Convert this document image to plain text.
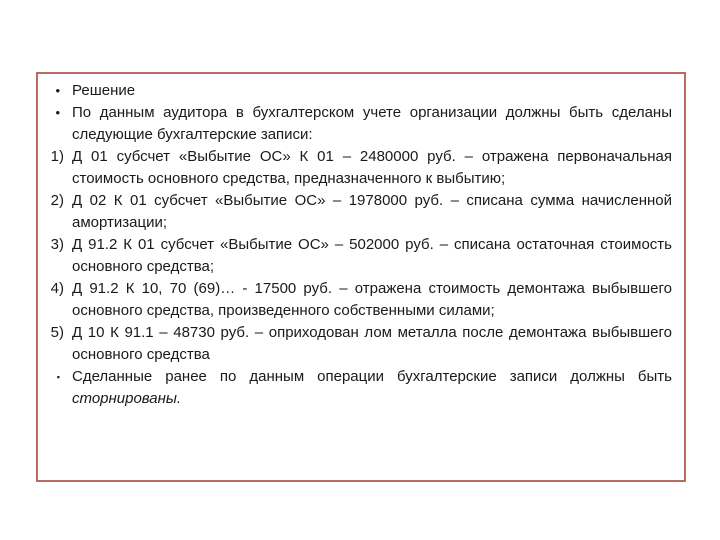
• Решение
• По данным аудитора в бухгалтерском учете организации должны быть сделаны следующие бухгалтерские записи:
1) Д 01 субсчет «Выбытие ОС» К 01 – 2480000 руб. – отражена первоначальная стоимость основного средства, предназначенного к выбытию;
2) Д 02 К 01 субсчет «Выбытие ОС» – 1978000 руб. – списана сумма начисленной амортизации;
3) Д 91.2 К 01 субсчет «Выбытие ОС» – 502000 руб. – списана остаточная стоимость основного средства;
4) Д 91.2 К 10, 70 (69)… - 17500 руб. – отражена стоимость демонтажа выбывшего основного средства, произведенного собственными силами;
5) Д 10 К 91.1 – 48730 руб. – оприходован лом металла после демонтажа выбывшего основного средства
▪ Сделанные ранее по данным операции бухгалтерские записи должны быть сторнированы.
